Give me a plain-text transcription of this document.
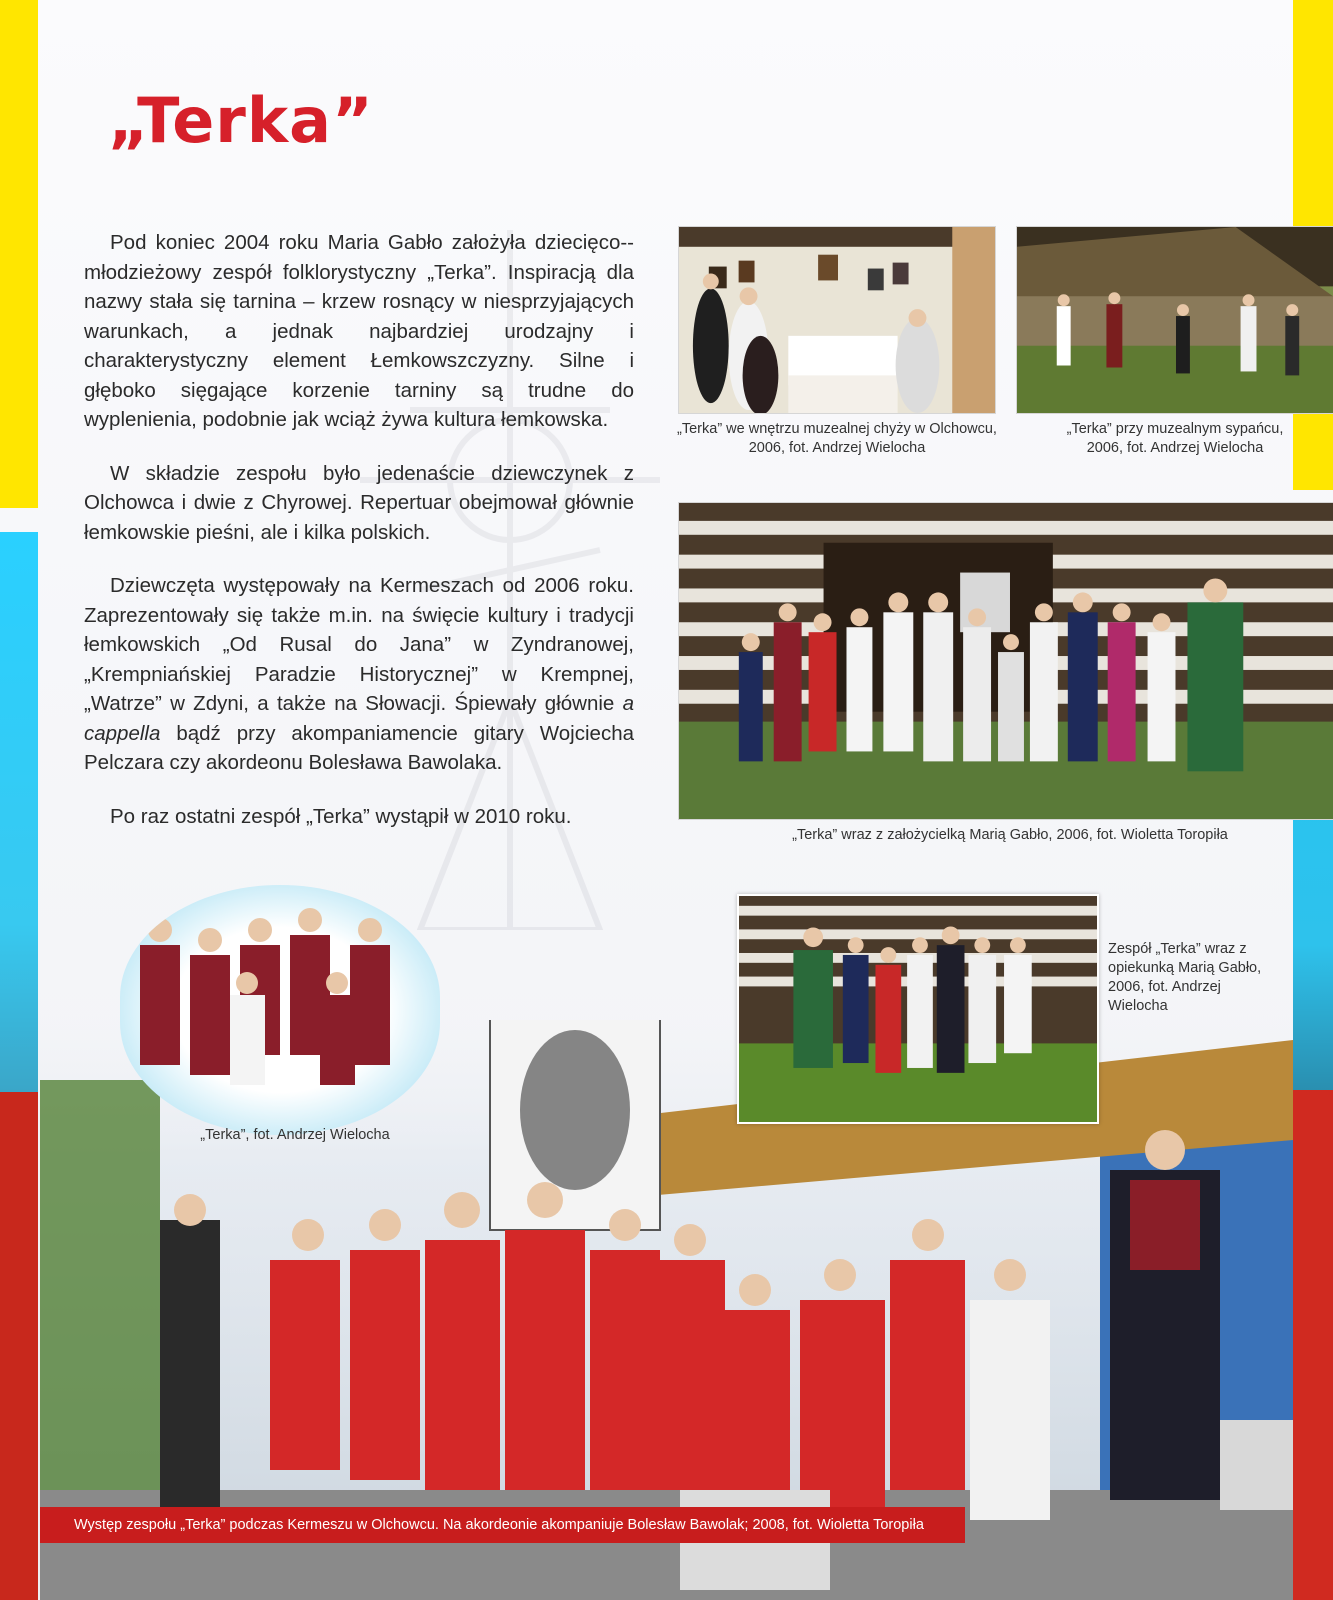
„Terka”

Pod koniec 2004 roku Maria Gabło założyła dziecięco--młodzieżowy zespół folklorystyczny „Terka”. Inspiracją dla nazwy stała się tarnina – krzew rosnący w niesprzyjających warunkach, a jednak najbardziej urodzajny i charakterystyczny element Łemkowszczyzny. Silne i głęboko sięgające korzenie tarniny są trudne do wyplenienia, podobnie jak wciąż żywa kultura łemkowska.

W składzie zespołu było jedenaście dziewczynek z Olchowca i dwie z Chyrowej. Repertuar obejmował głównie łemkowskie pieśni, ale i kilka polskich.

Dziewczęta występowały na Kermeszach od 2006 roku. Zaprezentowały się także m.in. na święcie kultury i tradycji łemkowskich „Od Rusal do Jana” w Zyndranowej, „Krempniańskiej Paradzie Historycznej” w Krempnej, „Watrze” w Zdyni, a także na Słowacji. Śpiewały głównie a cappella bądź przy akompaniamencie gitary Wojciecha Pelczara czy akordeonu Bolesława Bawolaka.

Po raz ostatni zespół „Terka” wystąpił w 2010 roku.

„Terka” we wnętrzu muzealnej chyży w Olchowcu, 2006, fot. Andrzej Wielocha
„Terka” przy muzealnym sypańcu, 2006, fot. Andrzej Wielocha
„Terka” wraz z założycielką Marią Gabło, 2006, fot. Wioletta Toropiła
„Terka”, fot. Andrzej Wielocha
Zespół „Terka” wraz z opiekunką Marią Gabło, 2006, fot. Andrzej Wielocha
Występ zespołu „Terka” podczas Kermeszu w Olchowcu. Na akordeonie akompaniuje Bolesław Bawolak; 2008, fot. Wioletta Toropiła
